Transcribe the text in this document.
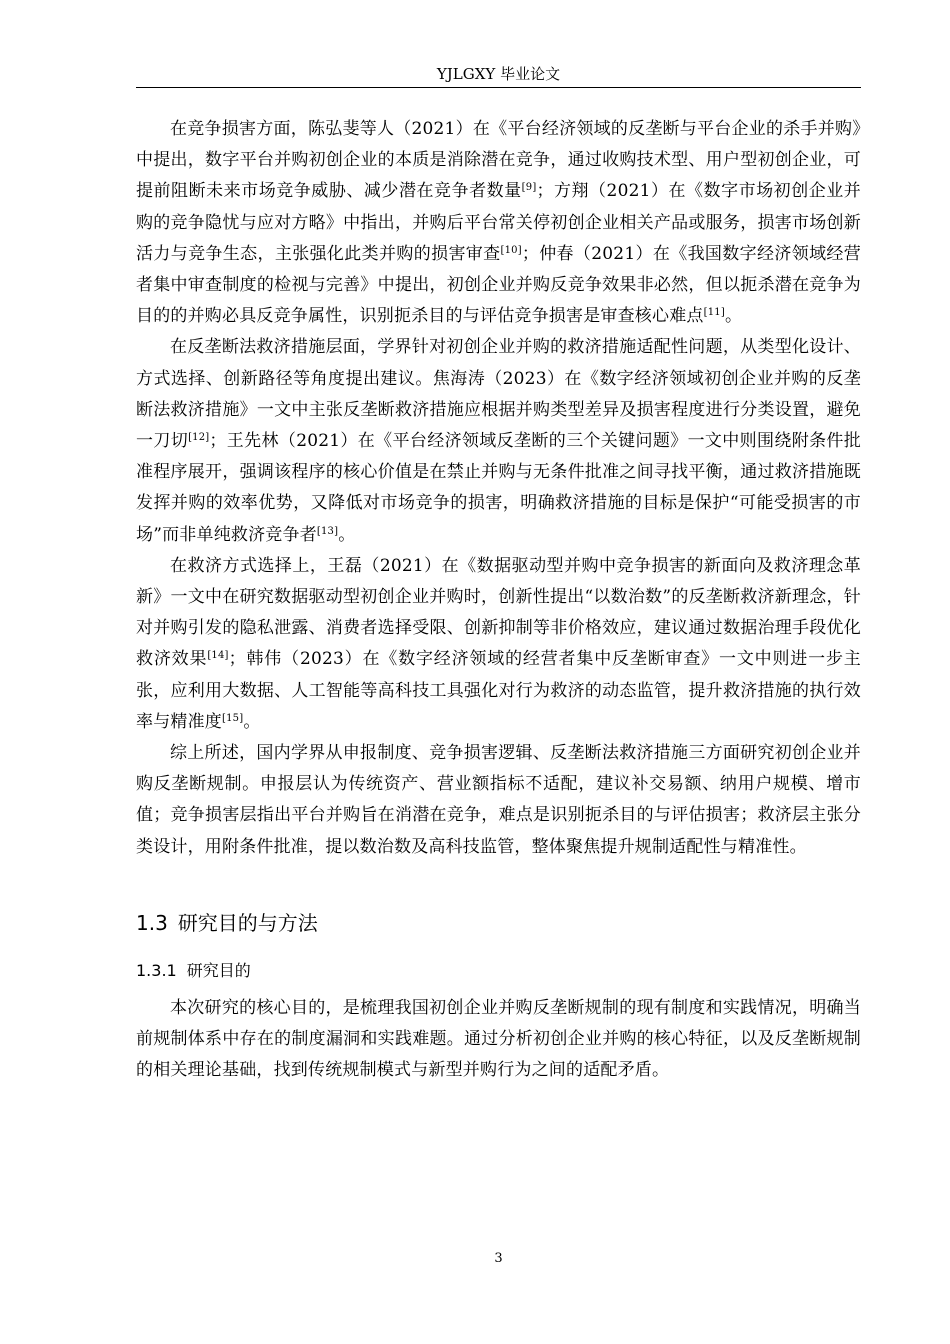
YJLGXY 毕业论文

在竞争损害方面，陈弘斐等人（2021）在《平台经济领域的反垄断与平台企业的杀手并购》中提出，数字平台并购初创企业的本质是消除潜在竞争，通过收购技术型、用户型初创企业，可提前阻断未来市场竞争威胁、减少潜在竞争者数量[9]；方翔（2021）在《数字市场初创企业并购的竞争隐忧与应对方略》中指出，并购后平台常关停初创企业相关产品或服务，损害市场创新活力与竞争生态，主张强化此类并购的损害审查[10]；仲春（2021）在《我国数字经济领域经营者集中审查制度的检视与完善》中提出，初创企业并购反竞争效果非必然，但以扼杀潜在竞争为目的的并购必具反竞争属性，识别扼杀目的与评估竞争损害是审查核心难点[11]。

在反垄断法救济措施层面，学界针对初创企业并购的救济措施适配性问题，从类型化设计、方式选择、创新路径等角度提出建议。焦海涛（2023）在《数字经济领域初创企业并购的反垄断法救济措施》一文中主张反垄断救济措施应根据并购类型差异及损害程度进行分类设置，避免一刀切[12]；王先林（2021）在《平台经济领域反垄断的三个关键问题》一文中则围绕附条件批准程序展开，强调该程序的核心价值是在禁止并购与无条件批准之间寻找平衡，通过救济措施既发挥并购的效率优势，又降低对市场竞争的损害，明确救济措施的目标是保护“可能受损害的市场”而非单纯救济竞争者[13]。

在救济方式选择上，王磊（2021）在《数据驱动型并购中竞争损害的新面向及救济理念革新》一文中在研究数据驱动型初创企业并购时，创新性提出“以数治数”的反垄断救济新理念，针对并购引发的隐私泄露、消费者选择受限、创新抑制等非价格效应，建议通过数据治理手段优化救济效果[14]；韩伟（2023）在《数字经济领域的经营者集中反垄断审查》一文中则进一步主张，应利用大数据、人工智能等高科技工具强化对行为救济的动态监管，提升救济措施的执行效率与精准度[15]。

综上所述，国内学界从申报制度、竞争损害逻辑、反垄断法救济措施三方面研究初创企业并购反垄断规制。申报层认为传统资产、营业额指标不适配，建议补交易额、纳用户规模、增市值；竞争损害层指出平台并购旨在消潜在竞争，难点是识别扼杀目的与评估损害；救济层主张分类设计，用附条件批准，提以数治数及高科技监管，整体聚焦提升规制适配性与精准性。

1.3 研究目的与方法
1.3.1 研究目的

本次研究的核心目的，是梳理我国初创企业并购反垄断规制的现有制度和实践情况，明确当前规制体系中存在的制度漏洞和实践难题。通过分析初创企业并购的核心特征，以及反垄断规制的相关理论基础，找到传统规制模式与新型并购行为之间的适配矛盾。

3
